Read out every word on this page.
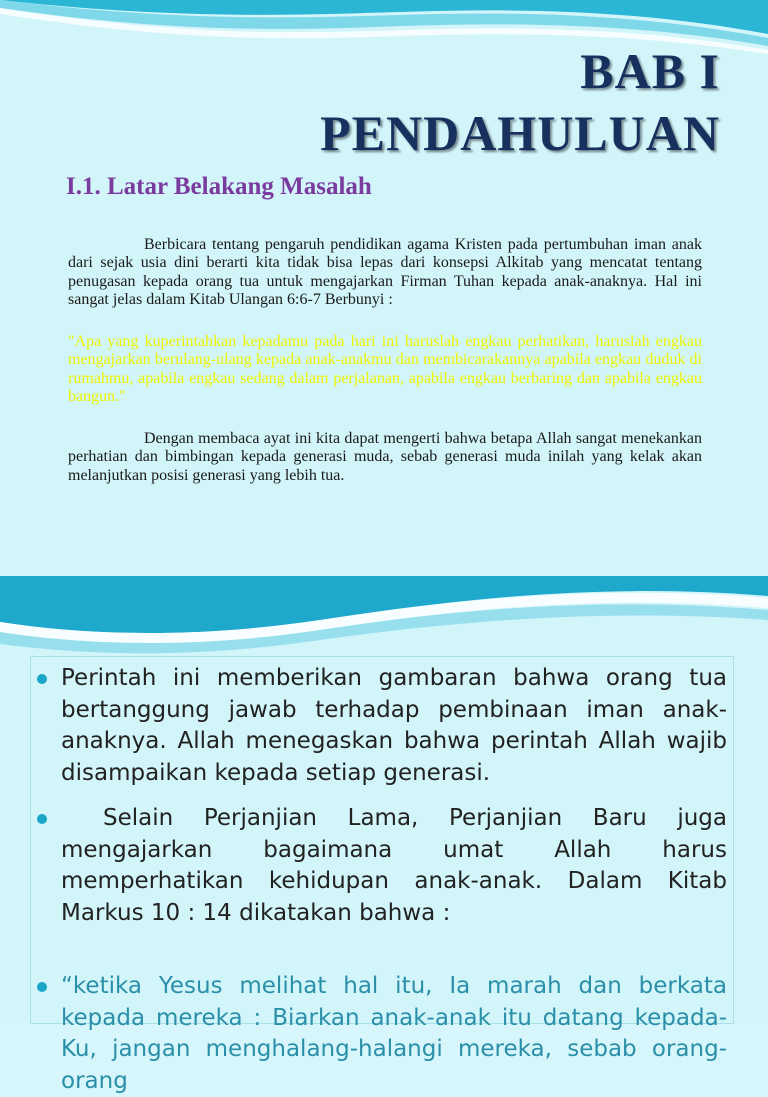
BAB I
PENDAHULUAN
I.1. Latar Belakang Masalah

Berbicara tentang pengaruh pendidikan agama Kristen pada pertumbuhan iman anak dari sejak usia dini berarti kita tidak bisa lepas dari konsepsi Alkitab yang mencatat tentang penugasan kepada orang tua untuk mengajarkan Firman Tuhan kepada anak-anaknya. Hal ini sangat jelas dalam Kitab Ulangan 6:6-7 Berbunyi :

"Apa yang kuperintahkan kepadamu pada hari ini haruslah engkau perhatikan, haruslah engkau mengajarkan berulang-ulang kepada anak-anakmu dan membicarakannya apabila engkau duduk di rumahmu, apabila engkau sedang dalam perjalanan, apabila engkau berbaring dan apabila engkau bangun."

Dengan membaca ayat ini kita dapat mengerti bahwa betapa Allah sangat menekankan perhatian dan bimbingan kepada generasi muda, sebab generasi muda inilah yang kelak akan melanjutkan posisi generasi yang lebih tua.

Perintah ini memberikan gambaran bahwa orang tua bertanggung jawab terhadap pembinaan iman anak-anaknya. Allah menegaskan bahwa perintah Allah wajib disampaikan kepada setiap generasi.
Selain Perjanjian Lama, Perjanjian Baru juga mengajarkan bagaimana umat Allah harus memperhatikan kehidupan anak-anak. Dalam Kitab Markus 10 : 14 dikatakan bahwa :
“ketika Yesus melihat hal itu, Ia marah dan berkata kepada mereka : Biarkan anak-anak itu datang kepada-Ku, jangan menghalang-halangi mereka, sebab orang-orang
